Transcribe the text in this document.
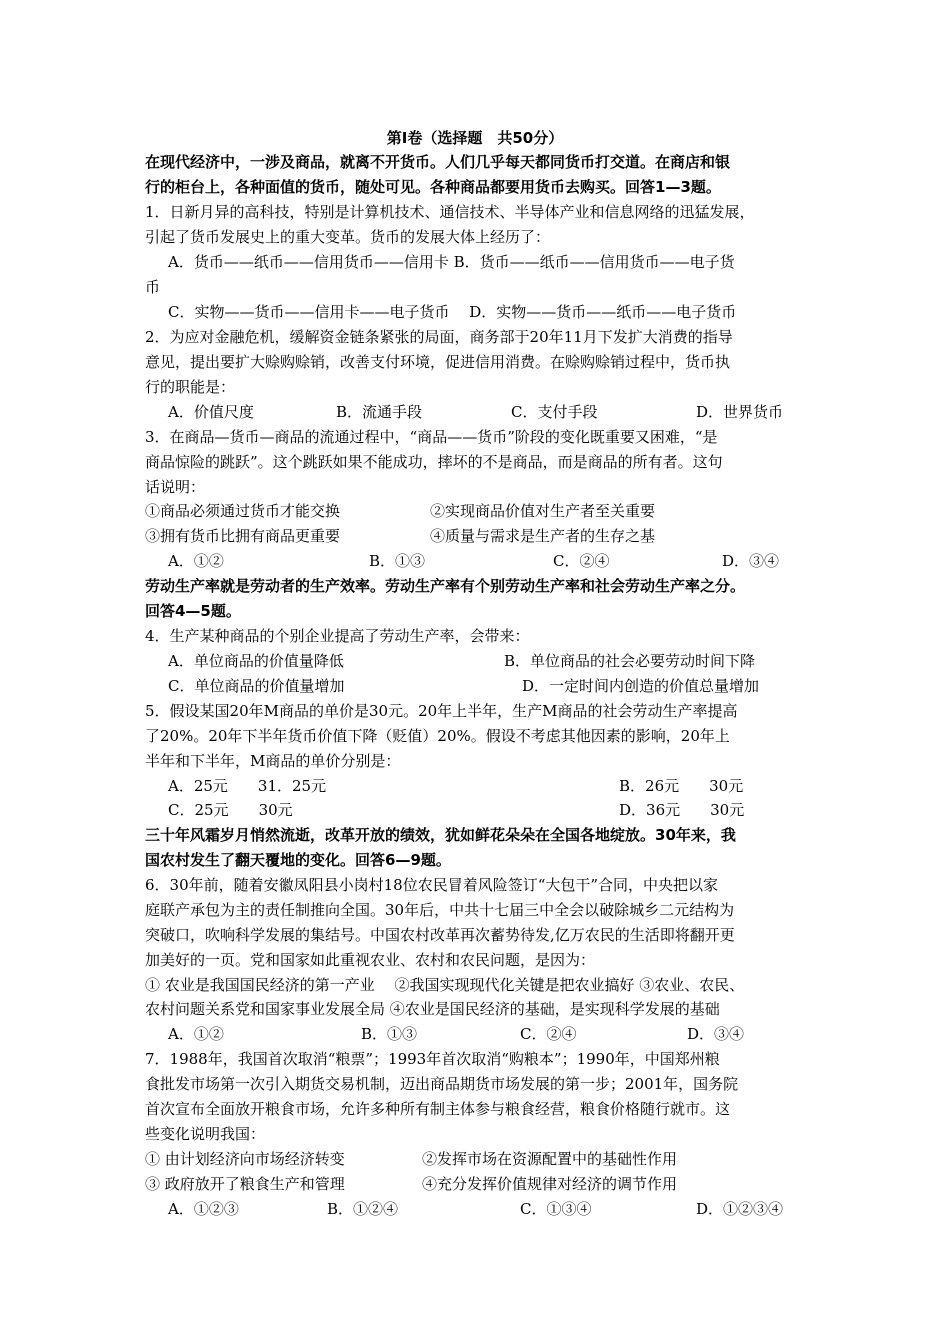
第Ⅰ卷（选择题　共50分）
在现代经济中，一涉及商品，就离不开货币。人们几乎每天都同货币打交道。在商店和银
行的柜台上，各种面值的货币，随处可见。各种商品都要用货币去购买。回答1—3题。
1．日新月异的高科技，特别是计算机技术、通信技术、半导体产业和信息网络的迅猛发展，
引起了货币发展史上的重大变革。货币的发展大体上经历了：
A．货币——纸币——信用货币——信用卡 B．货币——纸币——信用货币——电子货
币
C．实物——货币——信用卡——电子货币　 D．实物——货币——纸币——电子货币
2．为应对金融危机，缓解资金链条紧张的局面，商务部于20年11月下发扩大消费的指导
意见，提出要扩大赊购赊销，改善支付环境，促进信用消费。在赊购赊销过程中，货币执
行的职能是：
A．价值尺度	B．流通手段	C．支付手段	D．世界货币
3．在商品—货币—商品的流通过程中，“商品——货币”阶段的变化既重要又困难，“是
商品惊险的跳跃”。这个跳跃如果不能成功，摔坏的不是商品，而是商品的所有者。这句
话说明：
①商品必须通过货币才能交换	②实现商品价值对生产者至关重要
③拥有货币比拥有商品更重要	④质量与需求是生产者的生存之基
A．①②	B．①③	C．②④	D．③④
劳动生产率就是劳动者的生产效率。劳动生产率有个别劳动生产率和社会劳动生产率之分。
回答4—5题。
4．生产某种商品的个别企业提高了劳动生产率，会带来：
A．单位商品的价值量降低	B．单位商品的社会必要劳动时间下降
C．单位商品的价值量增加	D．一定时间内创造的价值总量增加
5．假设某国20年M商品的单价是30元。20年上半年，生产M商品的社会劳动生产率提高
了20%。20年下半年货币价值下降（贬值）20%。假设不考虑其他因素的影响，20年上
半年和下半年，M商品的单价分别是：
A．25元　　31．25元	B．26元　　30元
C．25元　　30元	D．36元　　30元
三十年风霜岁月悄然流逝，改革开放的绩效，犹如鲜花朵朵在全国各地绽放。30年来，我
国农村发生了翻天覆地的变化。回答6—9题。
6．30年前，随着安徽凤阳县小岗村18位农民冒着风险签订“大包干”合同，中央把以家
庭联产承包为主的责任制推向全国。30年后，中共十七届三中全会以破除城乡二元结构为
突破口，吹响科学发展的集结号。中国农村改革再次蓄势待发,亿万农民的生活即将翻开更
加美好的一页。党和国家如此重视农业、农村和农民问题，是因为：
① 农业是我国国民经济的第一产业　 ②我国实现现代化关键是把农业搞好 ③农业、农民、
农村问题关系党和国家事业发展全局 ④农业是国民经济的基础，是实现科学发展的基础
A．①②	B．①③	C．②④	D．③④
7．1988年，我国首次取消“粮票”；1993年首次取消“购粮本”；1990年，中国郑州粮
食批发市场第一次引入期货交易机制，迈出商品期货市场发展的第一步；2001年，国务院
首次宣布全面放开粮食市场，允许多种所有制主体参与粮食经营，粮食价格随行就市。这
些变化说明我国：
① 由计划经济向市场经济转变	②发挥市场在资源配置中的基础性作用
③ 政府放开了粮食生产和管理	④充分发挥价值规律对经济的调节作用
A．①②③	B．①②④	C．①③④	D．①②③④
